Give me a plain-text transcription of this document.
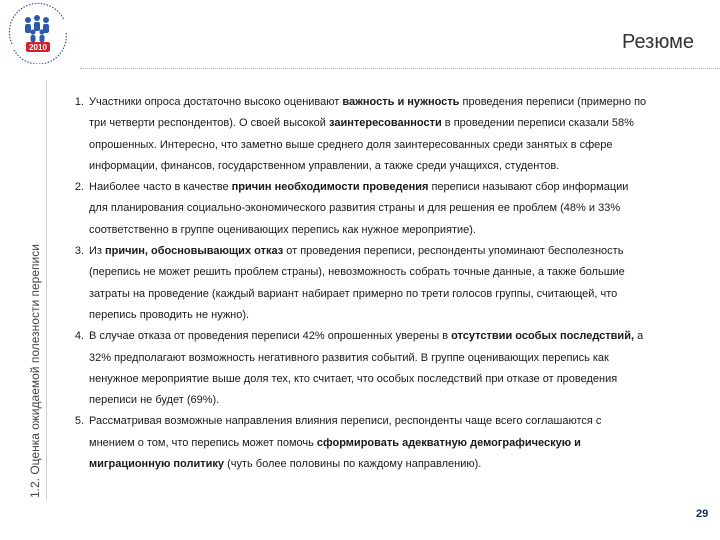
2010	Резюме
1.2. Оценка ожидаемой полезности переписи
1. Участники опроса достаточно высоко оценивают важность и нужность проведения переписи (примерно по три четверти респондентов). О своей высокой заинтересованности в проведении переписи сказали 58% опрошенных. Интересно, что заметно выше среднего доля заинтересованных среди занятых в сфере информации, финансов, государственном управлении, а также среди учащихся, студентов.
2. Наиболее часто в качестве причин необходимости проведения переписи называют сбор информации для планирования социально-экономического развития страны и для решения ее проблем (48% и 33% соответственно в группе оценивающих перепись как нужное мероприятие).
3. Из причин, обосновывающих отказ от проведения переписи, респонденты упоминают бесполезность (перепись не может решить проблем страны), невозможность собрать точные данные, а также большие затраты на проведение (каждый вариант набирает примерно по трети голосов группы, считающей, что перепись проводить не нужно).
4. В случае отказа от проведения переписи 42% опрошенных уверены в отсутствии особых последствий, а 32% предполагают возможность негативного развития событий. В группе оценивающих перепись как ненужное мероприятие выше доля тех, кто считает, что особых последствий при отказе от проведения переписи не будет (69%).
5. Рассматривая возможные направления влияния переписи, респонденты чаще всего соглашаются с мнением о том, что перепись может помочь сформировать адекватную демографическую и миграционную политику (чуть более половины по каждому направлению).
29
